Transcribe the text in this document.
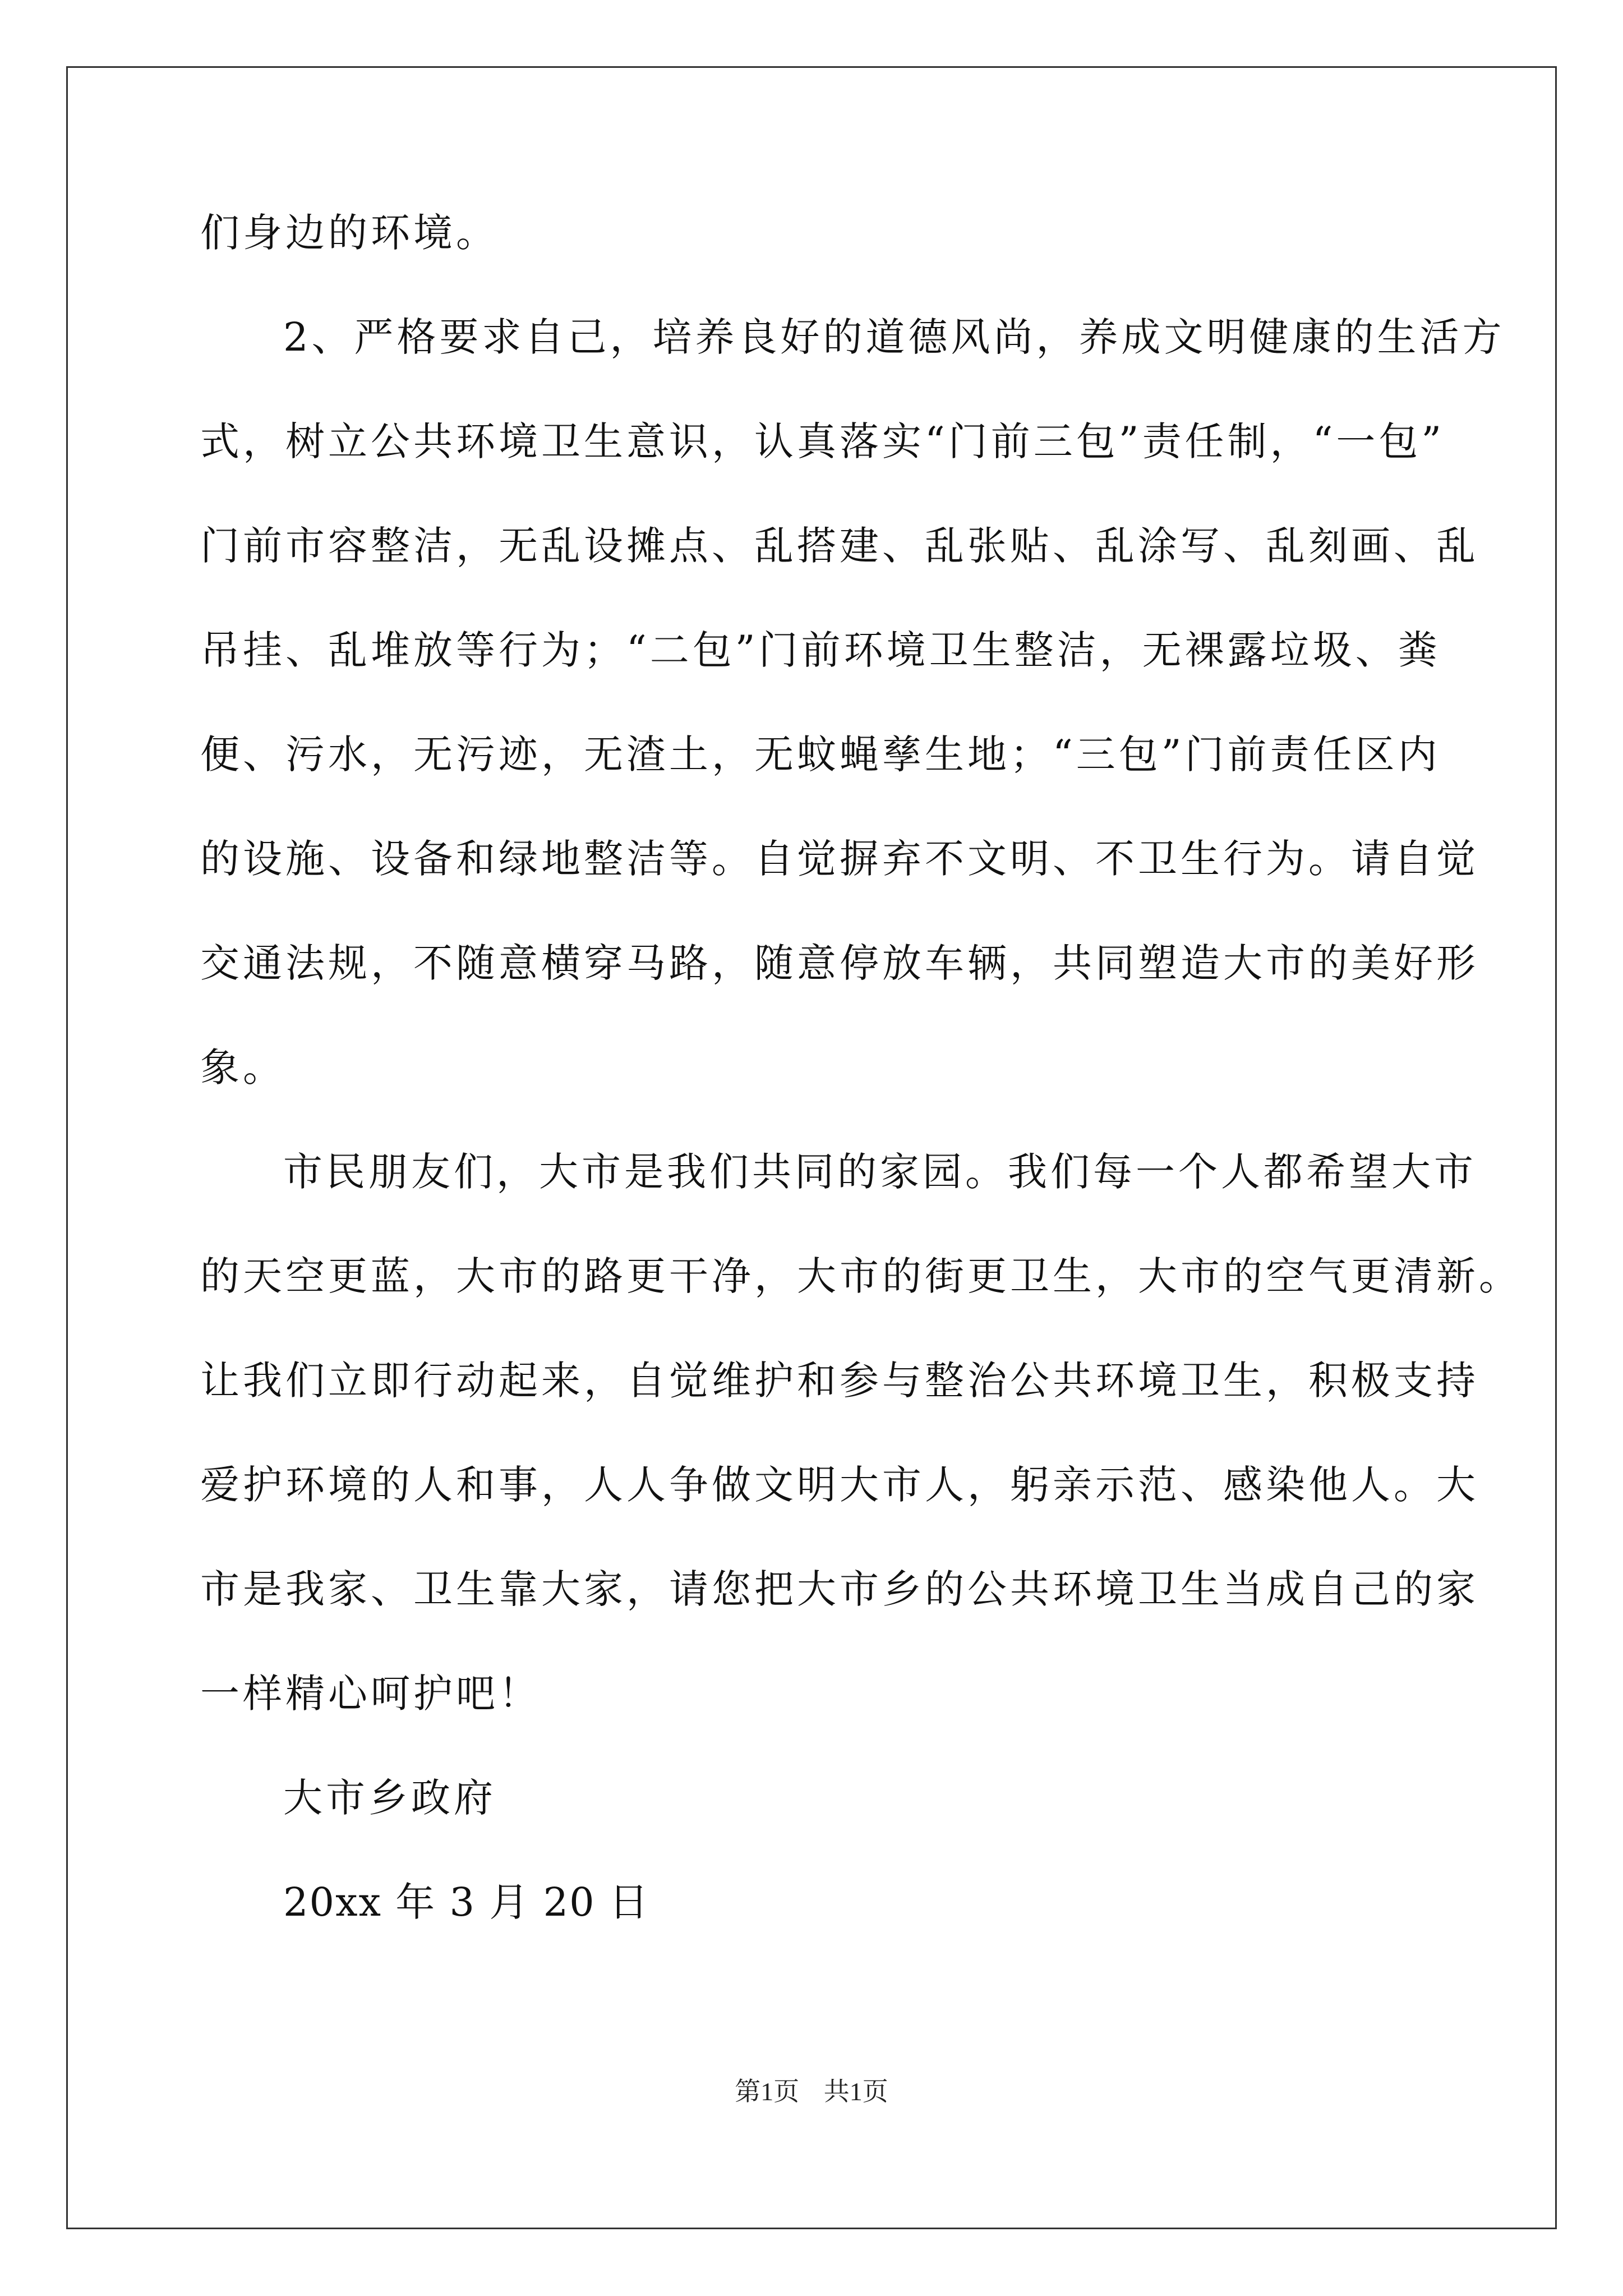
们身边的环境。
2、严格要求自己，培养良好的道德风尚，养成文明健康的生活方
式，树立公共环境卫生意识，认真落实“门前三包”责任制，“一包”
门前市容整洁，无乱设摊点、乱搭建、乱张贴、乱涂写、乱刻画、乱
吊挂、乱堆放等行为；“二包”门前环境卫生整洁，无裸露垃圾、粪
便、污水，无污迹，无渣土，无蚊蝇孳生地；“三包”门前责任区内
的设施、设备和绿地整洁等。自觉摒弃不文明、不卫生行为。请自觉
交通法规，不随意横穿马路，随意停放车辆，共同塑造大市的美好形
象。
市民朋友们，大市是我们共同的家园。我们每一个人都希望大市
的天空更蓝，大市的路更干净，大市的街更卫生，大市的空气更清新。
让我们立即行动起来，自觉维护和参与整治公共环境卫生，积极支持
爱护环境的人和事，人人争做文明大市人，躬亲示范、感染他人。大
市是我家、卫生靠大家，请您把大市乡的公共环境卫生当成自己的家
一样精心呵护吧！
大市乡政府
20xx 年 3 月 20 日
第1页 共1页
